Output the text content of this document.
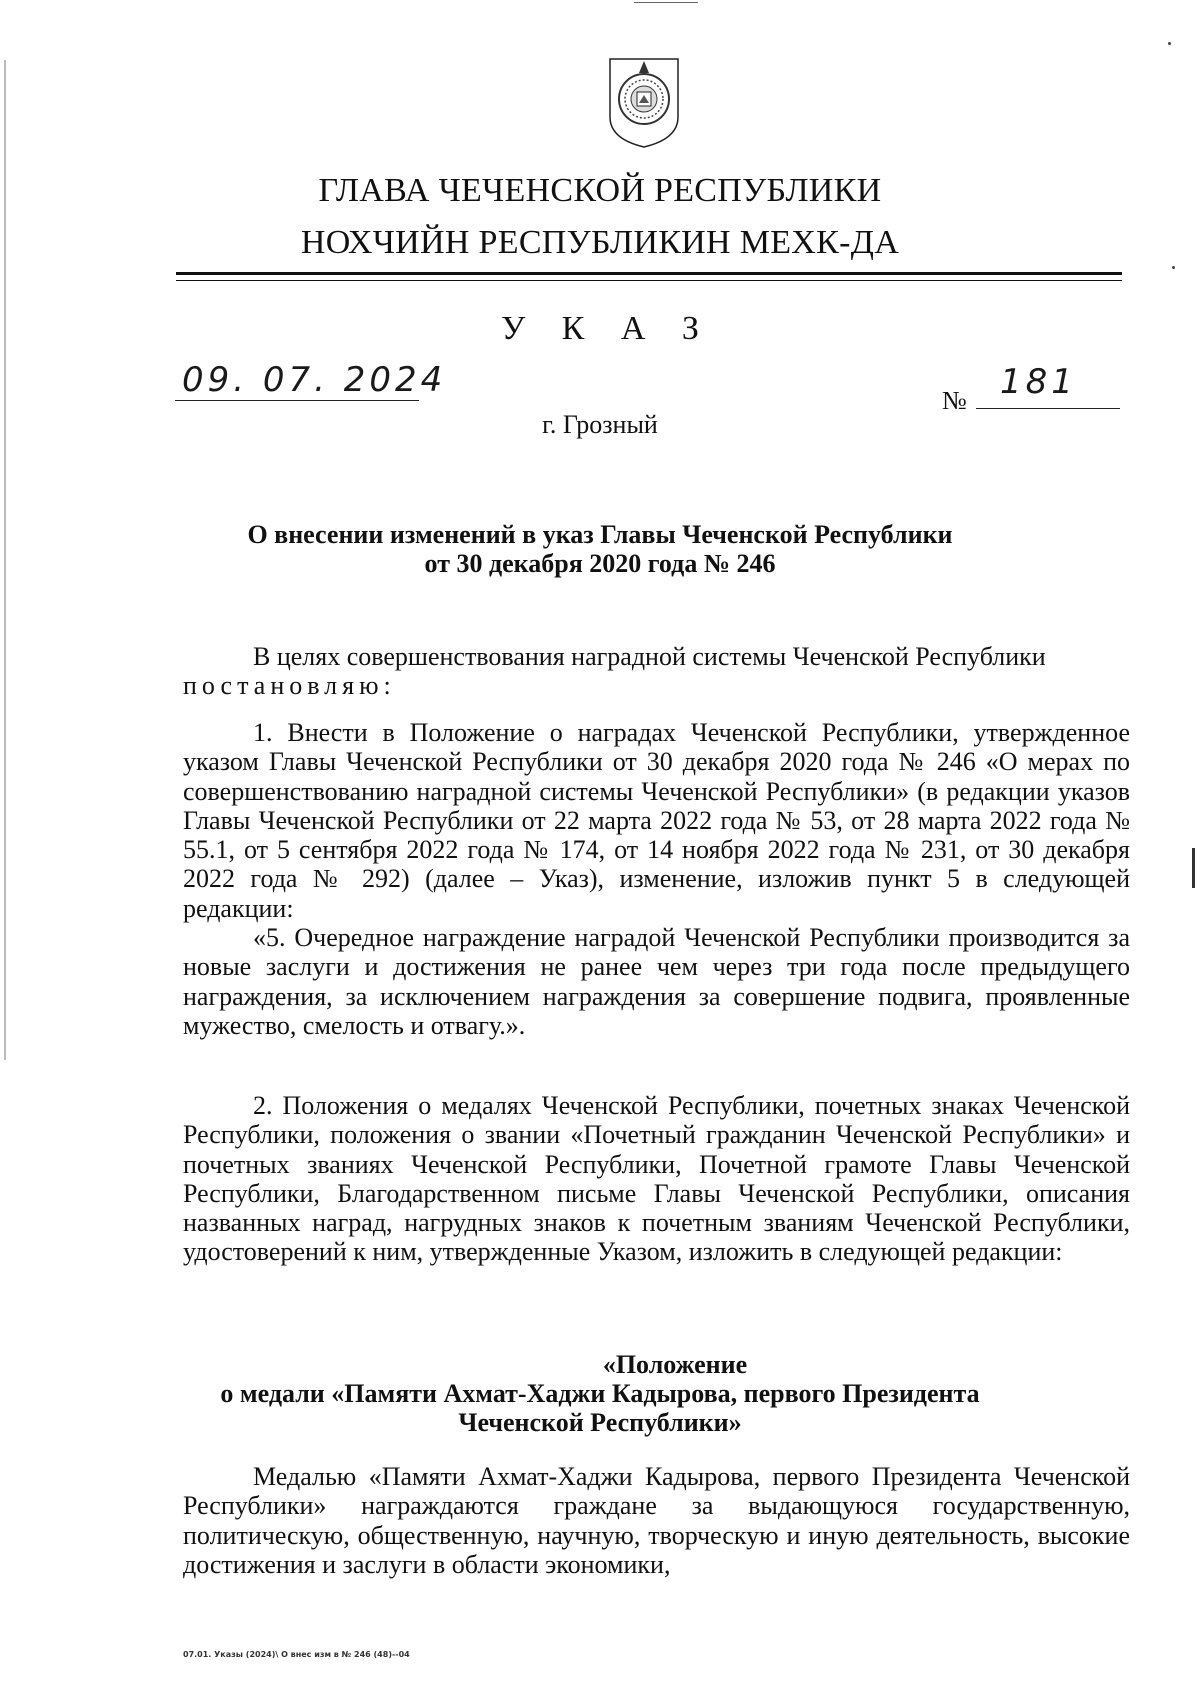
ГЛАВА ЧЕЧЕНСКОЙ РЕСПУБЛИКИ
НОХЧИЙН РЕСПУБЛИКИН МЕХК-ДА
У К А З
09. 07. 2024
№ 181
г. Грозный
О внесении изменений в указ Главы Чеченской Республики
от 30 декабря 2020 года № 246

В целях совершенствования наградной системы Чеченской Республики

постановляю:

1. Внести в Положение о наградах Чеченской Республики, утвержденное указом Главы Чеченской Республики от 30 декабря 2020 года № 246 «О мерах по совершенствованию наградной системы Чеченской Республики» (в редакции указов Главы Чеченской Республики от 22 марта 2022 года № 53, от 28 марта 2022 года № 55.1, от 5 сентября 2022 года № 174, от 14 ноября 2022 года № 231, от 30 декабря 2022 года № 292) (далее – Указ), изменение, изложив пункт 5 в следующей редакции:

«5. Очередное награждение наградой Чеченской Республики производится за новые заслуги и достижения не ранее чем через три года после предыдущего награждения, за исключением награждения за совершение подвига, проявленные мужество, смелость и отвагу.».

2. Положения о медалях Чеченской Республики, почетных знаках Чеченской Республики, положения о звании «Почетный гражданин Чеченской Республики» и почетных званиях Чеченской Республики, Почетной грамоте Главы Чеченской Республики, Благодарственном письме Главы Чеченской Республики, описания названных наград, нагрудных знаков к почетным званиям Чеченской Республики, удостоверений к ним, утвержденные Указом, изложить в следующей редакции:

«Положение
о медали «Памяти Ахмат-Хаджи Кадырова, первого Президента
Чеченской Республики»

Медалью «Памяти Ахмат-Хаджи Кадырова, первого Президента Чеченской Республики» награждаются граждане за выдающуюся государственную, политическую, общественную, научную, творческую и иную деятельность, высокие достижения и заслуги в области экономики,

07.01. Указы (2024)\ О внес изм в № 246 (48)--04
